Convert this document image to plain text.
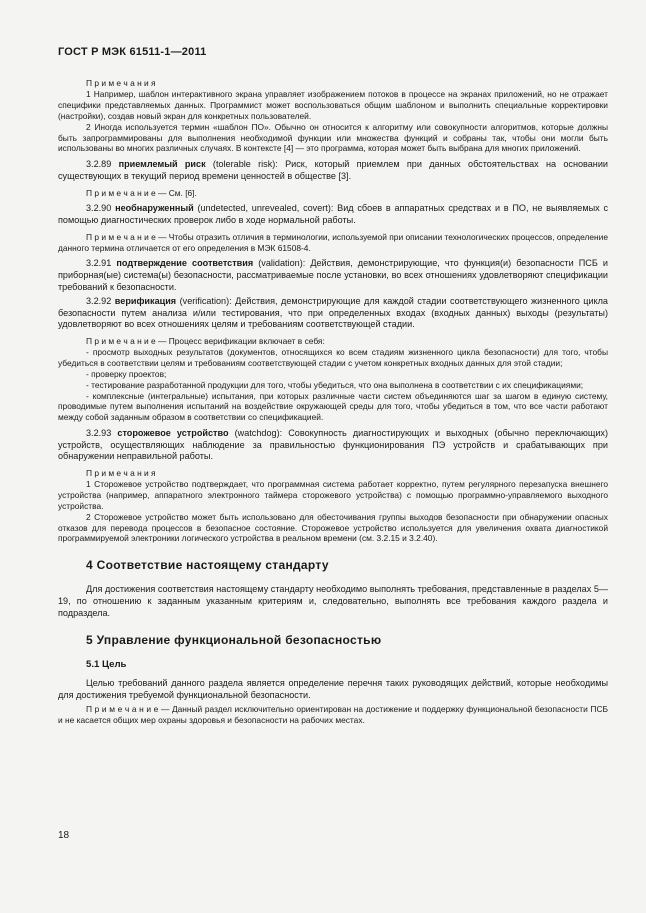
ГОСТ Р МЭК 61511-1—2011

П р и м е ч а н и я

1 Например, шаблон интерактивного экрана управляет изображением потоков в процессе на экранах приложений, но не отражает специфики представляемых данных. Программист может воспользоваться общим шаблоном и выполнить специальные корректировки (настройки), создав новый экран для конкретных пользователей.

2 Иногда используется термин «шаблон ПО». Обычно он относится к алгоритму или совокупности алгоритмов, которые должны быть запрограммированы для выполнения необходимой функции или множества функций и собраны так, чтобы они могли быть использованы во многих различных случаях. В контексте [4] — это программа, которая может быть выбрана для многих приложений.

3.2.89 приемлемый риск (tolerable risk): Риск, который приемлем при данных обстоятельствах на основании существующих в текущий период времени ценностей в обществе [3].

П р и м е ч а н и е — См. [6].

3.2.90 необнаруженный (undetected, unrevealed, covert): Вид сбоев в аппаратных средствах и в ПО, не выявляемых с помощью диагностических проверок либо в ходе нормальной работы.

П р и м е ч а н и е — Чтобы отразить отличия в терминологии, используемой при описании технологических процессов, определение данного термина отличается от его определения в МЭК 61508-4.

3.2.91 подтверждение соответствия (validation): Действия, демонстрирующие, что функция(и) безопасности ПСБ и приборная(ые) система(ы) безопасности, рассматриваемые после установки, во всех отношениях удовлетворяют спецификации требований к безопасности.

3.2.92 верификация (verification): Действия, демонстрирующие для каждой стадии соответствующего жизненного цикла безопасности путем анализа и/или тестирования, что при определенных входах (входных данных) выходы (результаты) удовлетворяют во всех отношениях целям и требованиям соответствующей стадии.

П р и м е ч а н и е — Процесс верификации включает в себя:

- просмотр выходных результатов (документов, относящихся ко всем стадиям жизненного цикла безопасности) для того, чтобы убедиться в соответствии целям и требованиям соответствующей стадии с учетом конкретных входных данных для этой стадии;

- проверку проектов;

- тестирование разработанной продукции для того, чтобы убедиться, что она выполнена в соответствии с их спецификациями;

- комплексные (интегральные) испытания, при которых различные части систем объединяются шаг за шагом в единую систему, проводимые путем выполнения испытаний на воздействие окружающей среды для того, чтобы убедиться в том, что все части работают между собой заданным образом в соответствии со спецификацией.

3.2.93 сторожевое устройство (watchdog): Совокупность диагностирующих и выходных (обычно переключающих) устройств, осуществляющих наблюдение за правильностью функционирования ПЭ устройств и срабатывающих при обнаружении неправильной работы.

П р и м е ч а н и я

1 Сторожевое устройство подтверждает, что программная система работает корректно, путем регулярного перезапуска внешнего устройства (например, аппаратного электронного таймера сторожевого устройства) с помощью программно-управляемого выходного устройства.

2 Сторожевое устройство может быть использовано для обесточивания группы выходов безопасности при обнаружении опасных отказов для перевода процессов в безопасное состояние. Сторожевое устройство используется для увеличения охвата диагностикой программируемой электроники логического устройства в реальном времени (см. 3.2.15 и 3.2.40).

4 Соответствие настоящему стандарту

Для достижения соответствия настоящему стандарту необходимо выполнять требования, представленные в разделах 5—19, по отношению к заданным указанным критериям и, следовательно, выполнять все требования каждого раздела и подраздела.

5 Управление функциональной безопасностью
5.1 Цель

Целью требований данного раздела является определение перечня таких руководящих действий, которые необходимы для достижения требуемой функциональной безопасности.

П р и м е ч а н и е — Данный раздел исключительно ориентирован на достижение и поддержку функциональной безопасности ПСБ и не касается общих мер охраны здоровья и безопасности на рабочих местах.

18
